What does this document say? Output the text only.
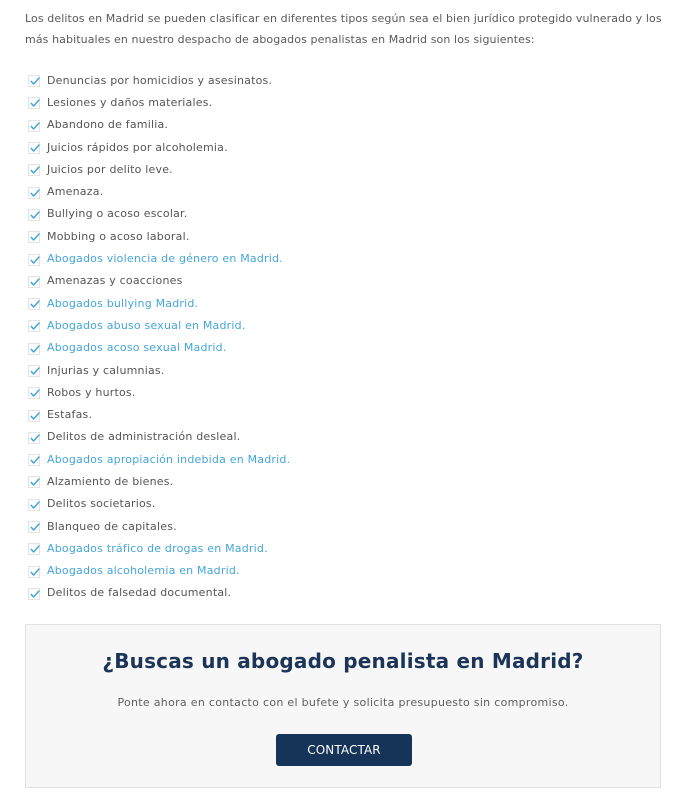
Los delitos en Madrid se pueden clasificar en diferentes tipos según sea el bien jurídico protegido vulnerado y los más habituales en nuestro despacho de abogados penalistas en Madrid son los siguientes:

Denuncias por homicidios y asesinatos.
Lesiones y daños materiales.
Abandono de familia.
Juicios rápidos por alcoholemia.
Juicios por delito leve.
Amenaza.
Bullying o acoso escolar.
Mobbing o acoso laboral.
Abogados violencia de género en Madrid.
Amenazas y coacciones
Abogados bullying Madrid.
Abogados abuso sexual en Madrid.
Abogados acoso sexual Madrid.
Injurias y calumnias.
Robos y hurtos.
Estafas.
Delitos de administración desleal.
Abogados apropiación indebida en Madrid.
Alzamiento de bienes.
Delitos societarios.
Blanqueo de capitales.
Abogados tráfico de drogas en Madrid.
Abogados alcoholemia en Madrid.
Delitos de falsedad documental.
¿Buscas un abogado penalista en Madrid?

Ponte ahora en contacto con el bufete y solicita presupuesto sin compromiso.

CONTACTAR
